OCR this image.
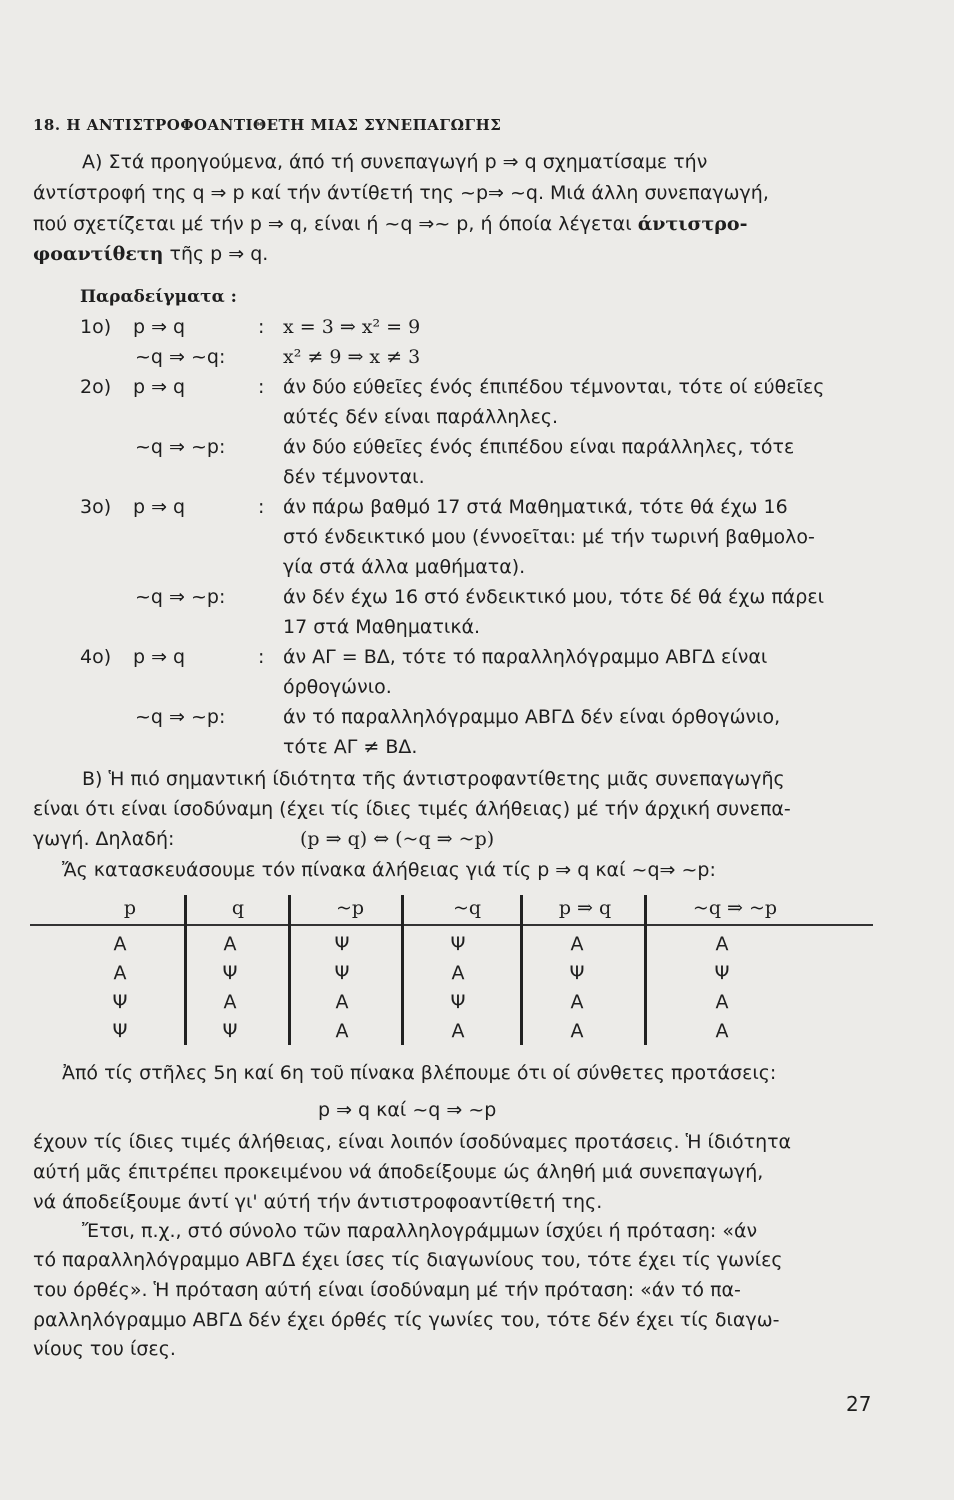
18. Η ΑΝΤΙΣΤΡΟΦΟΑΝΤΙΘΕΤΗ ΜΙΑΣ ΣΥΝΕΠΑΓΩΓΗΣ
Α) Στά προηγούμενα, άπό τή συνεπαγωγή p ⇒ q σχηματίσαμε τήν
άντίστροφή της q ⇒ p καί τήν άντίθετή της ~p⇒ ~q. Μιά άλλη συνεπαγωγή,
πού σχετίζεται μέ τήν p ⇒ q, είναι ή ~q ⇒~ p, ή όποία λέγεται άντιστρο-
φοαντίθετη τῆς p ⇒ q.
Παραδείγματα :
1o) p ⇒ q	: x = 3 ⇒ x² = 9
~q ⇒ ~q:	x² ≠ 9 ⇒ x ≠ 3
2o) p ⇒ q	: άν δύο εύθεῖες ένός έπιπέδου τέμνονται, τότε οί εύθεῖες
αύτές δέν είναι παράλληλες.
~q ⇒ ~p:	άν δύο εύθεῖες ένός έπιπέδου είναι παράλληλες, τότε
δέν τέμνονται.
3o) p ⇒ q	: άν πάρω βαθμό 17 στά Μαθηματικά, τότε θά έχω 16
στό ένδεικτικό μου (έννοεῖται: μέ τήν τωρινή βαθμολο-
γία στά άλλα μαθήματα).
~q ⇒ ~p:	άν δέν έχω 16 στό ένδεικτικό μου, τότε δέ θά έχω πάρει
17 στά Μαθηματικά.
4o) p ⇒ q	: άν ΑΓ = ΒΔ, τότε τό παραλληλόγραμμο ΑΒΓΔ είναι
όρθογώνιο.
~q ⇒ ~p:	άν τό παραλληλόγραμμο ΑΒΓΔ δέν είναι όρθογώνιο,
τότε ΑΓ ≠ ΒΔ.
Β) Ἡ πιό σημαντική ίδιότητα τῆς άντιστροφαντίθετης μιᾶς συνεπαγωγῆς
είναι ότι είναι ίσοδύναμη (έχει τίς ίδιες τιμές άλήθειας) μέ τήν άρχική συνεπα-
γωγή. Δηλαδή:	(p ⇒ q) ⇔ (~q ⇒ ~p)
Ἄς κατασκευάσουμε τόν πίνακα άλήθειας γιά τίς p ⇒ q καί ~q⇒ ~p:
p	q	~p	~q	p ⇒ q	~q ⇒ ~p
Α	Α	Ψ	Ψ	Α	Α
Α	Ψ	Ψ	Α	Ψ	Ψ
Ψ	Α	Α	Ψ	Α	Α
Ψ	Ψ	Α	Α	Α	Α
Ἀπό τίς στῆλες 5η καί 6η τοῦ πίνακα βλέπουμε ότι οί σύνθετες προτάσεις:
p ⇒ q καί ~q ⇒ ~p
έχουν τίς ίδιες τιμές άλήθειας, είναι λοιπόν ίσοδύναμες προτάσεις. Ἡ ίδιότητα
αύτή μᾶς έπιτρέπει προκειμένου νά άποδείξουμε ώς άληθή μιά συνεπαγωγή,
νά άποδείξουμε άντί γι' αύτή τήν άντιστροφοαντίθετή της.
Ἔτσι, π.χ., στό σύνολο τῶν παραλληλογράμμων ίσχύει ή πρόταση: «άν
τό παραλληλόγραμμο ΑΒΓΔ έχει ίσες τίς διαγωνίους του, τότε έχει τίς γωνίες
του όρθές». Ἡ πρόταση αύτή είναι ίσοδύναμη μέ τήν πρόταση: «άν τό πα-
ραλληλόγραμμο ΑΒΓΔ δέν έχει όρθές τίς γωνίες του, τότε δέν έχει τίς διαγω-
νίους του ίσες.
27
